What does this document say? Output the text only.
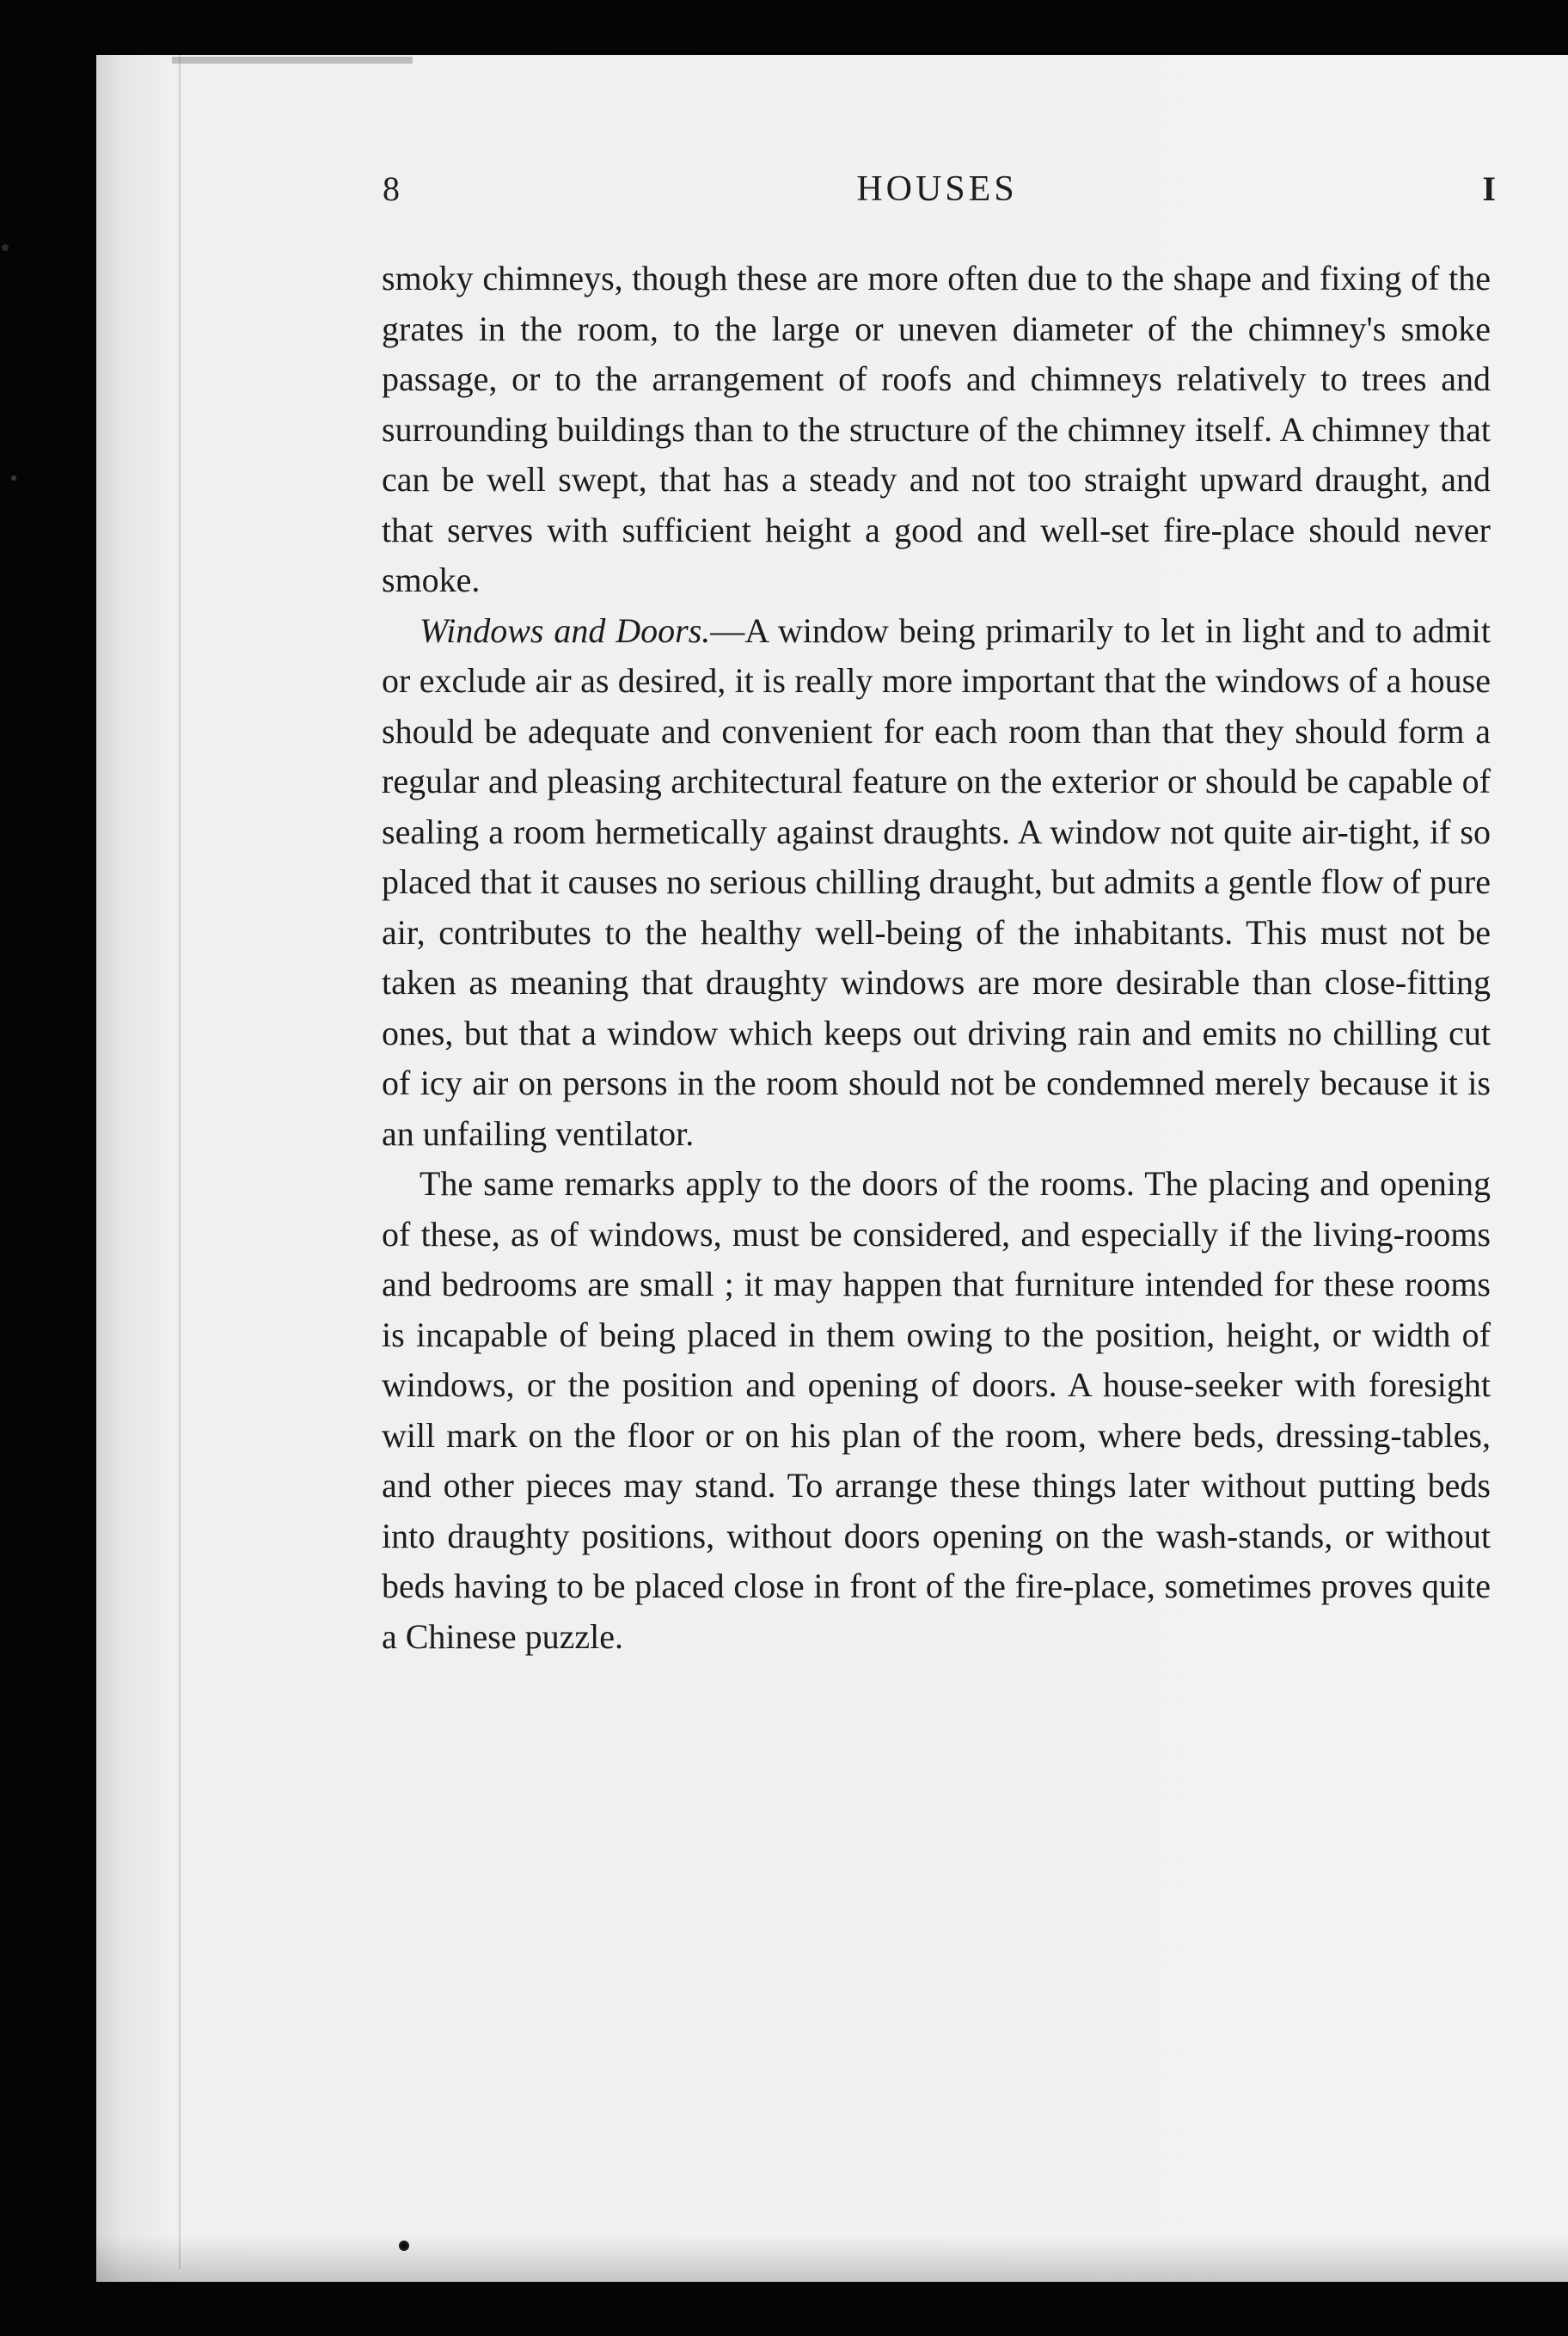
8	HOUSES	I

smoky chimneys, though these are more often due to the shape and fixing of the grates in the room, to the large or uneven diameter of the chimney's smoke passage, or to the arrangement of roofs and chimneys relatively to trees and surrounding buildings than to the structure of the chimney itself. A chimney that can be well swept, that has a steady and not too straight upward draught, and that serves with sufficient height a good and well-set fire-place should never smoke.

Windows and Doors.—A window being primarily to let in light and to admit or exclude air as desired, it is really more important that the windows of a house should be adequate and convenient for each room than that they should form a regular and pleasing architectural feature on the exterior or should be capable of sealing a room hermetically against draughts. A window not quite air-tight, if so placed that it causes no serious chilling draught, but admits a gentle flow of pure air, contributes to the healthy well-being of the inhabitants. This must not be taken as meaning that draughty windows are more desirable than close-fitting ones, but that a window which keeps out driving rain and emits no chilling cut of icy air on persons in the room should not be condemned merely because it is an unfailing ventilator.

The same remarks apply to the doors of the rooms. The placing and opening of these, as of windows, must be considered, and especially if the living-rooms and bedrooms are small ; it may happen that furniture intended for these rooms is incapable of being placed in them owing to the position, height, or width of windows, or the position and opening of doors. A house-seeker with foresight will mark on the floor or on his plan of the room, where beds, dressing-tables, and other pieces may stand. To arrange these things later without putting beds into draughty positions, without doors opening on the wash-stands, or without beds having to be placed close in front of the fire-place, sometimes proves quite a Chinese puzzle.
